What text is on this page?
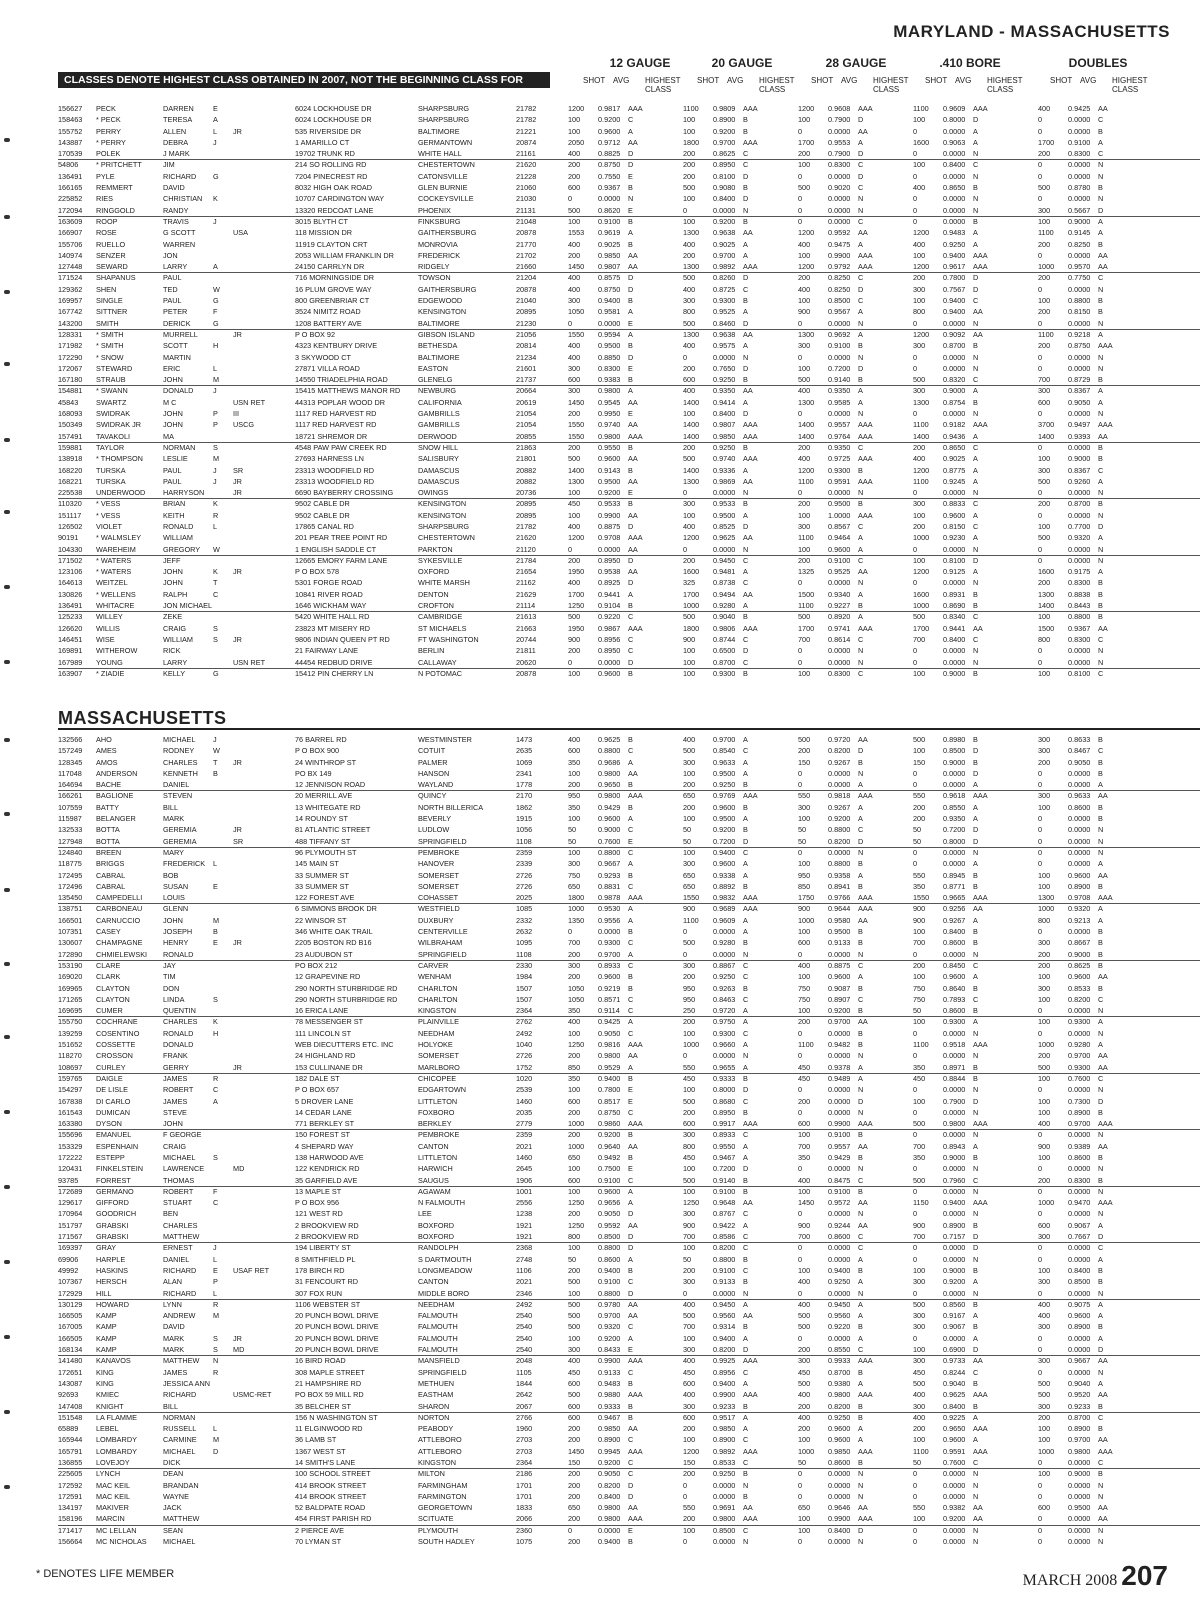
MARYLAND - MASSACHUSETTS
12 GAUGE	20 GAUGE	28 GAUGE	.410 BORE	DOUBLES
CLASSES DENOTE HIGHEST CLASS OBTAINED IN 2007, NOT THE BEGINNING CLASS FOR 2008.
SHOT AVG HIGHEST
CLASS
SHOT AVG HIGHEST
CLASS
SHOT AVG HIGHEST
CLASS
SHOT AVG HIGHEST
CLASS
SHOT AVG HIGHEST
CLASS
156627 PECK	DARREN	E	6024 LOCKHOUSE DR	SHARPSBURG	21782	1200 0.9817 AAA	1100 0.9809 AAA	1200 0.9608 AAA	1100 0.9609 AAA	400 0.9425 AA
158463 * PECK	TERESA	A	6024 LOCKHOUSE DR	SHARPSBURG	21782	100 0.9200 C	100 0.8900 B	100 0.7900 D	100 0.8000 D	0	0.0000 C
155752 PERRY	ALLEN	L JR	535 RIVERSIDE DR	BALTIMORE	21221	100 0.9600 A	100 0.9200 B	0	0.0000 AA	0	0.0000 A	0	0.0000 B
143887 * PERRY	DEBRA	J	1 AMARILLO CT	GERMANTOWN	20874	2050 0.9712 AA	1800 0.9700 AAA	1700 0.9553 A	1600 0.9063 A	1700 0.9100 A
170539 POLEK	J MARK	19702 TRUNK RD	WHITE HALL	21161	400 0.8825 D	200 0.8625 C	200 0.7900 D	0	0.0000 N	200 0.8300 C
54806 * PRITCHETT	JIM	214 SO ROLLING RD	CHESTERTOWN	21620	200 0.8750 D	200 0.8950 C	100 0.8300 C	100 0.8400 C	0	0.0000 N
136491 PYLE	RICHARD G	7204 PINECREST RD	CATONSVILLE	21228	200 0.7550 E	200 0.8100 D	0	0.0000 D	0	0.0000 N	0	0.0000 N
166165 REMMERT	DAVID	8032 HIGH OAK ROAD	GLEN BURNIE	21060	600 0.9367 B	500 0.9080 B	500 0.9020 C	400 0.8650 B	500 0.8780 B
225852 RIES	CHRISTIAN K	10707 CARDINGTON WAY	COCKEYSVILLE	21030	0	0.0000 N	100 0.8400 D	0	0.0000 N	0	0.0000 N	0	0.0000 N
172094 RINGGOLD	RANDY	13320 REDCOAT LANE	PHOENIX	21131	500 0.8620 E	0	0.0000 N	0	0.0000 N	0	0.0000 N	300 0.5667 D
163609 ROOP	TRAVIS	J	3015 BLYTH CT	FINKSBURG	21048	100 0.9100 B	100 0.9200 B	0	0.0000 C	0	0.0000 B	100 0.9000 A
166907 ROSE	G SCOTT	USA	118 MISSION DR	GAITHERSBURG	20878	1553 0.9619 A	1300 0.9638 AA	1200 0.9592 AA	1200 0.9483 A	1100 0.9145 A
155706 RUELLO	WARREN	11919 CLAYTON CRT	MONROVIA	21770	400 0.9025 B	400 0.9025 A	400 0.9475 A	400 0.9250 A	200 0.8250 B
140974 SENZER	JON	2053 WILLIAM FRANKLIN DR	FREDERICK	21702	200 0.9850 AA	200 0.9700 A	100 0.9900 AAA	100 0.9400 AAA	0	0.0000 AA
127448 SEWARD	LARRY	A	24150 CARRLYN DR	RIDGELY	21660	1450 0.9807 AA	1300 0.9892 AAA	1200 0.9792 AAA	1200 0.9617 AAA	1000 0.9570 AA
171524 SHAPANUS	PAUL	716 MORNINGSIDE DR	TOWSON	21204	400 0.8575 D	500 0.8260 D	200 0.8250 C	200 0.7800 D	200 0.7750 C
129362 SHEN	TED	W	16 PLUM GROVE WAY	GAITHERSBURG	20878	400 0.8750 D	400 0.8725 C	400 0.8250 D	300 0.7567 D	0	0.0000 N
169957 SINGLE	PAUL	G	800 GREENBRIAR CT	EDGEWOOD	21040	300 0.9400 B	300 0.9300 B	100 0.8500 C	100 0.9400 C	100 0.8800 B
167742 SITTNER	PETER	F	3524 NIMITZ ROAD	KENSINGTON	20895	1050 0.9581 A	800 0.9525 A	900 0.9567 A	800 0.9400 AA	200 0.8150 B
143200 SMITH	DERICK	G	1208 BATTERY AVE	BALTIMORE	21230	0	0.0000 E	500 0.8460 D	0	0.0000 N	0	0.0000 N	0	0.0000 N
128331 * SMITH	MURRELL	JR	P O BOX 92	GIBSON ISLAND	21056	1550 0.9594 A	1300 0.9638 AA	1300 0.9692 A	1200 0.9092 AA	1100 0.9218 A
171982 * SMITH	SCOTT	H	4323 KENTBURY DRIVE	BETHESDA	20814	400 0.9500 B	400 0.9575 A	300 0.9100 B	300 0.8700 B	200 0.8750 AAA
172290 * SNOW	MARTIN	3 SKYWOOD CT	BALTIMORE	21234	400 0.8850 D	0	0.0000 N	0	0.0000 N	0	0.0000 N	0	0.0000 N
172067 STEWARD	ERIC	L	27871 VILLA ROAD	EASTON	21601	300 0.8300 E	200 0.7650 D	100 0.7200 D	0	0.0000 N	0	0.0000 N
167180 STRAUB	JOHN	M	14550 TRIADELPHIA ROAD	GLENELG	21737	600 0.9383 B	600 0.9250 B	500 0.9140 B	500 0.8320 C	700 0.8729 B
154881 * SWANN	DONALD	J	15415 MATTHEWS MANOR RD NEWBURG	20664	300 0.9800 A	400 0.9350 AA	400 0.9350 A	300 0.9000 A	300 0.8367 A
45843 SWARTZ	M C	USN RET	44313 POPLAR WOOD DR	CALIFORNIA	20619	1450 0.9545 AA	1400 0.9414 A	1300 0.9585 A	1300 0.8754 B	600 0.9050 A
168093 SWIDRAK	JOHN	P III	1117 RED HARVEST RD	GAMBRILLS	21054	200 0.9950 E	100 0.8400 D	0	0.0000 N	0	0.0000 N	0	0.0000 N
150349 SWIDRAK JR	JOHN	P USCG	1117 RED HARVEST RD	GAMBRILLS	21054	1550 0.9740 AA	1400 0.9807 AAA	1400 0.9557 AAA	1100 0.9182 AAA	3700 0.9497 AAA
157491 TAVAKOLI	MA	18721 SHREMOR DR	DERWOOD	20855	1550 0.9800 AAA	1400 0.9850 AAA	1400 0.9764 AAA	1400 0.9436 A	1400 0.9393 AA
159881 TAYLOR	NORMAN S	4548 PAW PAW CREEK RD	SNOW HILL	21863	200 0.9550 B	200 0.9250 B	200 0.9350 C	200 0.8650 C	0	0.0000 B
138918 * THOMPSON	LESLIE	M	27693 HARNESS LN	SALISBURY	21801	500 0.9600 AA	500 0.9740 AAA	400 0.9725 AAA	400 0.9025 A	100 0.9000 B
168220 TURSKA	PAUL	J SR	23313 WOODFIELD RD	DAMASCUS	20882	1400 0.9143 B	1400 0.9336 A	1200 0.9300 B	1200 0.8775 A	300 0.8367 C
168221 TURSKA	PAUL	J JR	23313 WOODFIELD RD	DAMASCUS	20882	1300 0.9500 AA	1300 0.9869 AA	1100 0.9591 AAA	1100 0.9245 A	500 0.9260 A
225538 UNDERWOOD HARRYSON	JR	6690 BAYBERRY CROSSING	OWINGS	20736	100 0.9200 E	0	0.0000 N	0	0.0000 N	0	0.0000 N	0	0.0000 N
110320 * VESS	BRIAN	K	9502 CABLE DR	KENSINGTON	20895	450 0.9533 B	300 0.9533 B	200 0.9500 B	300 0.8833 C	200 0.8700 B
151117 * VESS	KEITH	R	9502 CABLE DR	KENSINGTON	20895	100 0.9900 AA	100 0.9500 A	100 1.0000 AAA	100 0.9600 A	0	0.0000 N
126502 VIOLET	RONALD	L	17865 CANAL RD	SHARPSBURG	21782	400 0.8875 D	400 0.8525 D	300 0.8567 C	200 0.8150 C	100 0.7700 D
90191 * WALMSLEY	WILLIAM	201 PEAR TREE POINT RD	CHESTERTOWN	21620	1200 0.9708 AAA	1200 0.9625 AA	1100 0.9464 A	1000 0.9230 A	500 0.9320 A
104330 WAREHEIM	GREGORY W	1 ENGLISH SADDLE CT	PARKTON	21120	0	0.0000 AA	0	0.0000 N	100 0.9600 A	0	0.0000 N	0	0.0000 N
171502 * WATERS	JEFF	12665 EMORY FARM LANE	SYKESVILLE	21784	200 0.8950 D	200 0.9450 C	200 0.9100 C	100 0.8100 D	0	0.0000 N
123106 * WATERS	JOHN	K JR	P O BOX 578	OXFORD	21654	1950 0.9538 AA	1600 0.9481 A	1325 0.9525 AA	1200 0.9125 A	1600 0.9175 A
164613 WEITZEL	JOHN	T	5301 FORGE ROAD	WHITE MARSH	21162	400 0.8925 D	325 0.8738 C	0	0.0000 N	0	0.0000 N	200 0.8300 B
130826 * WELLENS	RALPH	C	10841 RIVER ROAD	DENTON	21629	1700 0.9441 A	1700 0.9494 AA	1500 0.9340 A	1600 0.8931 B	1300 0.8838 B
136491 WHITACRE	JON MICHAEL	1646 WICKHAM WAY	CROFTON	21114	1250 0.9104 B	1000 0.9280 A	1100 0.9227 B	1000 0.8690 B	1400 0.8443 B
125233 WILLEY	ZEKE	5420 WHITE HALL RD	CAMBRIDGE	21613	500 0.9220 C	500 0.9040 B	500 0.8920 A	500 0.8340 C	100 0.8800 B
126620 WILLIS	CRAIG	S	23823 MT MISERY RD	ST MICHAELS	21663	1950 0.9867 AAA	1800 0.9806 AAA	1700 0.9741 AAA	1700 0.9441 AA	1500 0.9367 AA
146451 WISE	WILLIAM	S JR	9806 INDIAN QUEEN PT RD	FT WASHINGTON	20744	900 0.8956 C	900 0.8744 C	700 0.8614 C	700 0.8400 C	800 0.8300 C
169891 WITHEROW	RICK	21 FAIRWAY LANE	BERLIN	21811	200 0.8950 C	100 0.6500 D	0	0.0000 N	0	0.0000 N	0	0.0000 N
167989 YOUNG	LARRY	USN RET	44454 REDBUD DRIVE	CALLAWAY	20620	0	0.0000 D	100 0.8700 C	0	0.0000 N	0	0.0000 N	0	0.0000 N
163907 * ZIADIE	KELLY	G	15412 PIN CHERRY LN	N POTOMAC	20878	100 0.9600 B	100 0.9300 B	100 0.8300 C	100 0.9000 B	100 0.8100 C
MASSACHUSETTS
132566 AHO	MICHAEL J	76 BARREL RD	WESTMINSTER	1473	400 0.9625 B	400 0.9700 A	500 0.9720 AA	500 0.8980 B	300 0.8633 B
157249 AMES	RODNEY	W	P O BOX 900	COTUIT	2635	600 0.8800 C	500 0.8540 C	200 0.8200 D	100 0.8500 D	300 0.8467 C
128345 AMOS	CHARLES T JR	24 WINTHROP ST	PALMER	1069	350 0.9686 A	300 0.9633 A	150 0.9267 B	150 0.9000 B	200 0.9050 B
117048 ANDERSON	KENNETH B	PO BX 149	HANSON	2341	100 0.9800 AA	100 0.9500 A	0	0.0000 N	0	0.0000 D	0	0.0000 B
164694 BACHE	DANIEL	12 JENNISON ROAD	WAYLAND	1778	200 0.9650 B	200 0.9250 B	0	0.0000 A	0	0.0000 A	0	0.0000 A
166261 BAGLIONE	STEVEN	20 MERRILL AVE	QUINCY	2170	950 0.9800 AAA	650 0.9769 AAA	550 0.9818 AAA	550 0.9618 AAA	300 0.9633 AA
107559 BATTY	BILL	13 WHITEGATE RD	NORTH BILLERICA	1862	350 0.9429 B	200 0.9600 B	300 0.9267 A	200 0.8550 A	100 0.8600 B
115987 BELANGER	MARK	14 ROUNDY ST	BEVERLY	1915	100 0.9600 A	100 0.9500 A	100 0.9200 A	200 0.9350 A	0	0.0000 B
132533 BOTTA	GEREMIA	JR	81 ATLANTIC STREET	LUDLOW	1056	50	0.9000 C	50	0.9200 B	50	0.8800 C	50	0.7200 D	0	0.0000 N
127948 BOTTA	GEREMIA	SR	488 TIFFANY ST	SPRINGFIELD	1108	50	0.7600 E	50	0.7200 D	50	0.8200 D	50	0.8000 D	0	0.0000 N
124840 BREEN	MARY	96 PLYMOUTH ST	PEMBROKE	2359	100 0.8800 C	100 0.9400 C	0	0.0000 N	0	0.0000 N	0	0.0000 N
118775 BRIGGS	FREDERICK L	145 MAIN ST	HANOVER	2339	300 0.9667 A	300 0.9600 A	100 0.8800 B	0	0.0000 A	0	0.0000 A
172495 CABRAL	BOB	33 SUMMER ST	SOMERSET	2726	750 0.9293 B	650 0.9338 A	950 0.9358 A	550 0.8945 B	100 0.9600 AA
172496 CABRAL	SUSAN	E	33 SUMMER ST	SOMERSET	2726	650 0.8831 C	650 0.8892 B	850 0.8941 B	350 0.8771 B	100 0.8900 B
135450 CAMPEDELLI	LOUIS	122 FOREST AVE	COHASSET	2025	1800 0.9878 AAA	1550 0.9832 AAA	1750 0.9766 AAA	1550 0.9665 AAA	1300 0.9708 AAA
138751 CARBONEAU	GLENN	6 SIMMONS BROOK DR	WESTFIELD	1085	1000 0.9530 A	900 0.9689 AAA	900 0.9644 AAA	900 0.9256 AA	1000 0.9320 A
166501 CARNUCCIO	JOHN	M	22 WINSOR ST	DUXBURY	2332	1350 0.9556 A	1100 0.9609 A	1000 0.9580 AA	900 0.9267 A	800 0.9213 A
107351 CASEY	JOSEPH	B	346 WHITE OAK TRAIL	CENTERVILLE	2632	0	0.0000 B	0	0.0000 A	100 0.9500 B	100 0.8400 B	0	0.0000 B
130607 CHAMPAGNE	HENRY	E JR	2205 BOSTON RD B16	WILBRAHAM	1095	700 0.9300 C	500 0.9280 B	600 0.9133 B	700 0.8600 B	300 0.8667 B
172890 CHMIELEWSKI RONALD	23 AUDUBON ST	SPRINGFIELD	1108	200 0.9700 A	0	0.0000 N	0	0.0000 N	0	0.0000 N	200 0.9000 B
153190 CLARE	JAY	PO BOX 212	CARVER	2330	300 0.8933 C	300 0.8867 C	400 0.8875 C	200 0.8450 C	200 0.8625 B
169020 CLARK	TIM	12 GRAPEVINE RD	WENHAM	1984	200 0.9600 B	200 0.9250 C	100 0.9600 A	100 0.9600 A	100 0.9600 AA
169965 CLAYTON	DON	290 NORTH STURBRIDGE RD	CHARLTON	1507	1050 0.9219 B	950 0.9263 B	750 0.9087 B	750 0.8640 B	300 0.8533 B
171265 CLAYTON	LINDA	S	290 NORTH STURBRIDGE RD	CHARLTON	1507	1050 0.8571 C	950 0.8463 C	750 0.8907 C	750 0.7893 C	100 0.8200 C
169695 CUMER	QUENTIN	16 ERICA LANE	KINGSTON	2364	350 0.9114 C	250 0.9720 A	100 0.9200 B	50	0.8600 B	0	0.0000 N
155750 COCHRANE	CHARLES K	78 MESSENGER ST	PLAINVILLE	2762	400 0.9425 A	200 0.9750 A	200 0.9700 AA	100 0.9300 A	100 0.9300 A
139259 COSENTINO	RONALD	H	111 LINCOLN ST	NEEDHAM	2492	100 0.9050 C	100 0.9300 C	0	0.0000 B	0	0.0000 N	0	0.0000 N
151652 COSSETTE	DONALD	WEB DIECUTTERS ETC. INC	HOLYOKE	1040	1250 0.9816 AAA	1000 0.9660 A	1100 0.9482 B	1100 0.9518 AAA	1000 0.9280 A
118270 CROSSON	FRANK	24 HIGHLAND RD	SOMERSET	2726	200 0.9800 AA	0	0.0000 N	0	0.0000 N	0	0.0000 N	200 0.9700 AA
108697 CURLEY	GERRY	JR	153 CULLINANE DR	MARLBORO	1752	850 0.9529 A	550 0.9655 A	450 0.9378 A	350 0.8971 B	500 0.9300 AA
159765 DAIGLE	JAMES	R	182 DALE ST	CHICOPEE	1020	350 0.9400 B	450 0.9333 B	450 0.9489 A	450 0.8844 B	100 0.7600 C
154297 DE LISLE	ROBERT	C	P O BOX 657	EDGARTOWN	2539	100 0.7800 E	100 0.8000 D	0	0.0000 N	0	0.0000 N	0	0.0000 N
167838 DI CARLO	JAMES	A	5 DROVER LANE	LITTLETON	1460	600 0.8517 E	500 0.8680 C	200 0.0000 D	100 0.7900 D	100 0.7300 D
161543 DUMICAN	STEVE	14 CEDAR LANE	FOXBORO	2035	200 0.8750 C	200 0.8950 B	0	0.0000 N	0	0.0000 N	100 0.8900 B
163380 DYSON	JOHN	771 BERKLEY ST	BERKLEY	2779	1000 0.9860 AAA	600 0.9917 AAA	600 0.9900 AAA	500 0.9800 AAA	400 0.9700 AAA
155696 EMANUEL	F GEORGE	150 FOREST ST	PEMBROKE	2359	200 0.9200 B	300 0.8933 C	100 0.9100 B	0	0.0000 N	0	0.0000 N
153329 ESPENHAIN	CRAIG	4 SHEPARD WAY	CANTON	2021	1000 0.9640 AA	800 0.9550 A	700 0.9557 AA	700 0.8943 A	900 0.9389 AA
172222 ESTEPP	MICHAEL S	138 HARWOOD AVE	LITTLETON	1460	650 0.9492 B	450 0.9467 A	350 0.9429 B	350 0.9000 B	100 0.8600 B
120431 FINKELSTEIN	LAWRENCE	MD	122 KENDRICK RD	HARWICH	2645	100 0.7500 E	100 0.7200 D	0	0.0000 N	0	0.0000 N	0	0.0000 N
93785 FORREST	THOMAS	35 GARFIELD AVE	SAUGUS	1906	600 0.9100 C	500 0.9140 B	400 0.8475 C	500 0.7960 C	200 0.8300 B
172689 GERMANO	ROBERT	F	13 MAPLE ST	AGAWAM	1001	100 0.9600 A	100 0.9100 B	100 0.9100 B	0	0.0000 N	0	0.0000 N
129617 GIFFORD	STUART	C	P O BOX 956	N FALMOUTH	2556	1250 0.9656 A	1250 0.9648 AA	1450 0.9572 AA	1150 0.9400 AAA	1000 0.9470 AAA
170964 GOODRICH	BEN	121 WEST RD	LEE	1238	200 0.9050 D	300 0.8767 C	0	0.0000 N	0	0.0000 N	0	0.0000 N
151797 GRABSKI	CHARLES	2 BROOKVIEW RD	BOXFORD	1921	1250 0.9592 AA	900 0.9422 A	900 0.9244 AA	900 0.8900 B	600 0.9067 A
171567 GRABSKI	MATTHEW	2 BROOKVIEW RD	BOXFORD	1921	800 0.8500 D	700 0.8586 C	700 0.8600 C	700 0.7157 D	300 0.7667 D
169397 GRAY	ERNEST	J	194 LIBERTY ST	RANDOLPH	2368	100 0.8800 D	100 0.8200 C	0	0.0000 C	0	0.0000 D	0	0.0000 C
69906 HARPLE	DANIEL	L	8 SMITHFIELD PL	S DARTMOUTH	2748	50	0.8600 A	50	0.8800 B	0	0.0000 A	0	0.0000 N	0	0.0000 A
49992 HASKINS	RICHARD E USAF RET	178 BIRCH RD	LONGMEADOW	1106	200 0.9400 B	200 0.9100 C	100 0.9400 B	100 0.9000 B	100 0.8400 B
107367 HERSCH	ALAN	P	31 FENCOURT RD	CANTON	2021	500 0.9100 C	300 0.9133 B	400 0.9250 A	300 0.9200 A	300 0.8500 B
172929 HILL	RICHARD L	307 FOX RUN	MIDDLE BORO	2346	100 0.8800 D	0	0.0000 N	0	0.0000 N	0	0.0000 N	0	0.0000 N
130129 HOWARD	LYNN	R	1106 WEBSTER ST	NEEDHAM	2492	500 0.9780 AA	400 0.9450 A	400 0.9450 A	500 0.8560 B	400 0.9075 A
166505 KAMP	ANDREW M	20 PUNCH BOWL DRIVE	FALMOUTH	2540	500 0.9700 AA	500 0.9560 AA	500 0.9560 A	300 0.9167 A	400 0.9600 A
167005 KAMP	DAVID	20 PUNCH BOWL DRIVE	FALMOUTH	2540	500 0.9320 C	700 0.9314 B	500 0.9220 B	300 0.9067 B	300 0.8900 B
166505 KAMP	MARK	S JR	20 PUNCH BOWL DRIVE	FALMOUTH	2540	100 0.9200 A	100 0.9400 A	0	0.0000 A	0	0.0000 A	0	0.0000 A
168134 KAMP	MARK	S MD	20 PUNCH BOWL DRIVE	FALMOUTH	2540	300 0.8433 E	300 0.8200 D	200 0.8550 C	100 0.6900 D	0	0.0000 D
141480 KANAVOS	MATTHEW N	16 BIRD ROAD	MANSFIELD	2048	400 0.9900 AAA	400 0.9925 AAA	300 0.9933 AAA	300 0.9733 AA	300 0.9667 AA
172651 KING	JAMES	R	308 MAPLE STREET	SPRINGFIELD	1105	450 0.9133 C	450 0.8956 C	450 0.8700 B	450 0.8244 C	0	0.0000 N
143087 KING	JESSICA ANN	21 HAMPSHIRE RD	METHUEN	1844	600 0.9483 B	600 0.9400 A	500 0.9380 A	500 0.9040 B	500 0.9040 A
92693 KMIEC	RICHARD	USMC-RET	PO BOX 59 MILL RD	EASTHAM	2642	500 0.9880 AAA	400 0.9900 AAA	400 0.9800 AAA	400 0.9625 AAA	500 0.9520 AA
147408 KNIGHT	BILL	35 BELCHER ST	SHARON	2067	600 0.9333 B	300 0.9233 B	200 0.8200 B	300 0.8400 B	300 0.9233 B
151548 LA FLAMME	NORMAN	156 N WASHINGTON ST	NORTON	2766	600 0.9467 B	600 0.9517 A	400 0.9250 B	400 0.9225 A	200 0.8700 C
65889 LEBEL	RUSSELL L	11 ELGINWOOD RD	PEABODY	1960	200 0.9850 AA	200 0.9850 A	200 0.9600 A	200 0.9650 AAA	100 0.8900 B
165944 LOMBARDY	CARMINE M	36 LAMB ST	ATTLEBORO	2703	200 0.8900 C	100 0.8900 C	100 0.9600 A	100 0.9600 A	100 0.9700 AA
165791 LOMBARDY	MICHAEL D	1367 WEST ST	ATTLEBORO	2703	1450 0.9945 AAA	1200 0.9892 AAA	1000 0.9850 AAA	1100 0.9591 AAA	1000 0.9800 AAA
136855 LOVEJOY	DICK	14 SMITH'S LANE	KINGSTON	2364	150 0.9200 C	150 0.8533 C	50	0.8600 B	50	0.7600 C	0	0.0000 C
225605 LYNCH	DEAN	100 SCHOOL STREET	MILTON	2186	200 0.9050 C	200 0.9250 B	0	0.0000 N	0	0.0000 N	100 0.9000 B
172592 MAC KEIL	BRANDAN	414 BROOK STREET	FARMINGHAM	1701	200 0.8200 D	0	0.0000 N	0	0.0000 N	0	0.0000 N	0	0.0000 N
172591 MAC KEIL	WAYNE	414 BROOK STREET	FARMINGTON	1701	200 0.8400 D	0	0.0000 B	0	0.0000 N	0	0.0000 N	0	0.0000 N
134197 MAKIVER	JACK	52 BALDPATE ROAD	GEORGETOWN	1833	650 0.9800 AA	550 0.9691 AA	650 0.9646 AA	550 0.9382 AA	600 0.9500 AA
158196 MARCIN	MATTHEW	454 FIRST PARISH RD	SCITUATE	2066	200 0.9800 AAA	200 0.9800 AAA	100 0.9900 AAA	100 0.9200 AA	0	0.0000 AA
171417 MC LELLAN	SEAN	2 PIERCE AVE	PLYMOUTH	2360	0	0.0000 E	100 0.8500 C	100 0.8400 D	0	0.0000 N	0	0.0000 N
156664 MC NICHOLAS MICHAEL	70 LYMAN ST	SOUTH HADLEY	1075	200 0.9400 B	0	0.0000 N	0	0.0000 N	0	0.0000 N	0	0.0000 N
* DENOTES LIFE MEMBER	MARCH 2008 207
